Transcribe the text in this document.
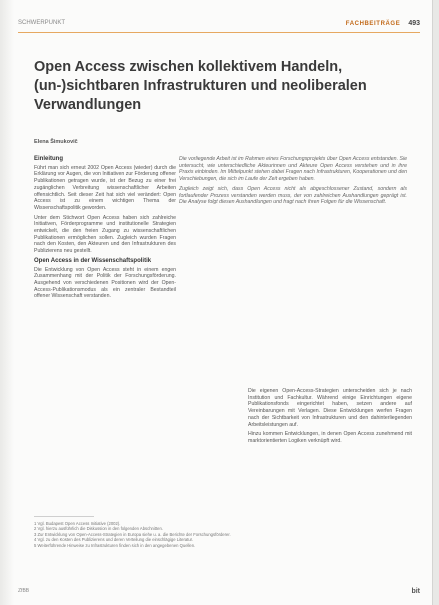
SCHWERPUNKT	FACHBEITRÄGE 493
Open Access zwischen kollektivem Handeln, (un-)sichtbaren Infrastrukturen und neoliberalen Verwandlungen
Elena Šimukovič

Einleitung

Führt man sich erneut 2002 Open Access (wieder) durch die Erklärung vor Augen, die von Initiativen zur Förderung offener Publikationen getragen wurde, ist der Bezug zu einer frei zugänglichen Verbreitung wissenschaftlicher Arbeiten offensichtlich. Seit dieser Zeit hat sich viel verändert: Open Access ist zu einem wichtigen Thema der Wissenschaftspolitik geworden.

Unter dem Stichwort Open Access haben sich zahlreiche Initiativen, Förderprogramme und institutionelle Strategien entwickelt, die den freien Zugang zu wissenschaftlichen Publikationen ermöglichen sollen. Zugleich wurden Fragen nach den Kosten, den Akteuren und den Infrastrukturen des Publizierens neu gestellt.

Open Access in der Wissenschaftspolitik

Die Entwicklung von Open Access steht in einem engen Zusammenhang mit der Politik der Forschungsförderung. Ausgehend von verschiedenen Positionen wird der Open-Access-Publikationsmodus als ein zentraler Bestandteil offener Wissenschaft verstanden.

Die vorliegende Arbeit ist im Rahmen eines Forschungsprojekts über Open Access entstanden. Sie untersucht, wie unterschiedliche Akteurinnen und Akteure Open Access verstehen und in ihre Praxis einbinden. Im Mittelpunkt stehen dabei Fragen nach Infrastrukturen, Kooperationen und den Verschiebungen, die sich im Laufe der Zeit ergeben haben.

Zugleich zeigt sich, dass Open Access nicht als abgeschlossener Zustand, sondern als fortlaufender Prozess verstanden werden muss, der von zahlreichen Aushandlungen geprägt ist. Die Analyse folgt diesen Aushandlungen und fragt nach ihren Folgen für die Wissenschaft.

Die eigenen Open-Access-Strategien unterscheiden sich je nach Institution und Fachkultur. Während einige Einrichtungen eigene Publikationsfonds eingerichtet haben, setzen andere auf Vereinbarungen mit Verlagen. Diese Entwicklungen werfen Fragen nach der Sichtbarkeit von Infrastrukturen und den dahinterliegenden Arbeitsleistungen auf.

Hinzu kommen Entwicklungen, in denen Open Access zunehmend mit marktorientierten Logiken verknüpft wird.

1 Vgl. Budapest Open Access Initiative (2002).
2 Vgl. hierzu ausführlich die Diskussion in den folgenden Abschnitten.
3 Zur Entwicklung von Open-Access-Strategien in Europa siehe u. a. die Berichte der Forschungsförderer.
4 Vgl. zu den Kosten des Publizierens und deren Verteilung die einschlägige Literatur.
5 Weiterführende Hinweise zu Infrastrukturen finden sich in den angegebenen Quellen.
ZfBB	bit
